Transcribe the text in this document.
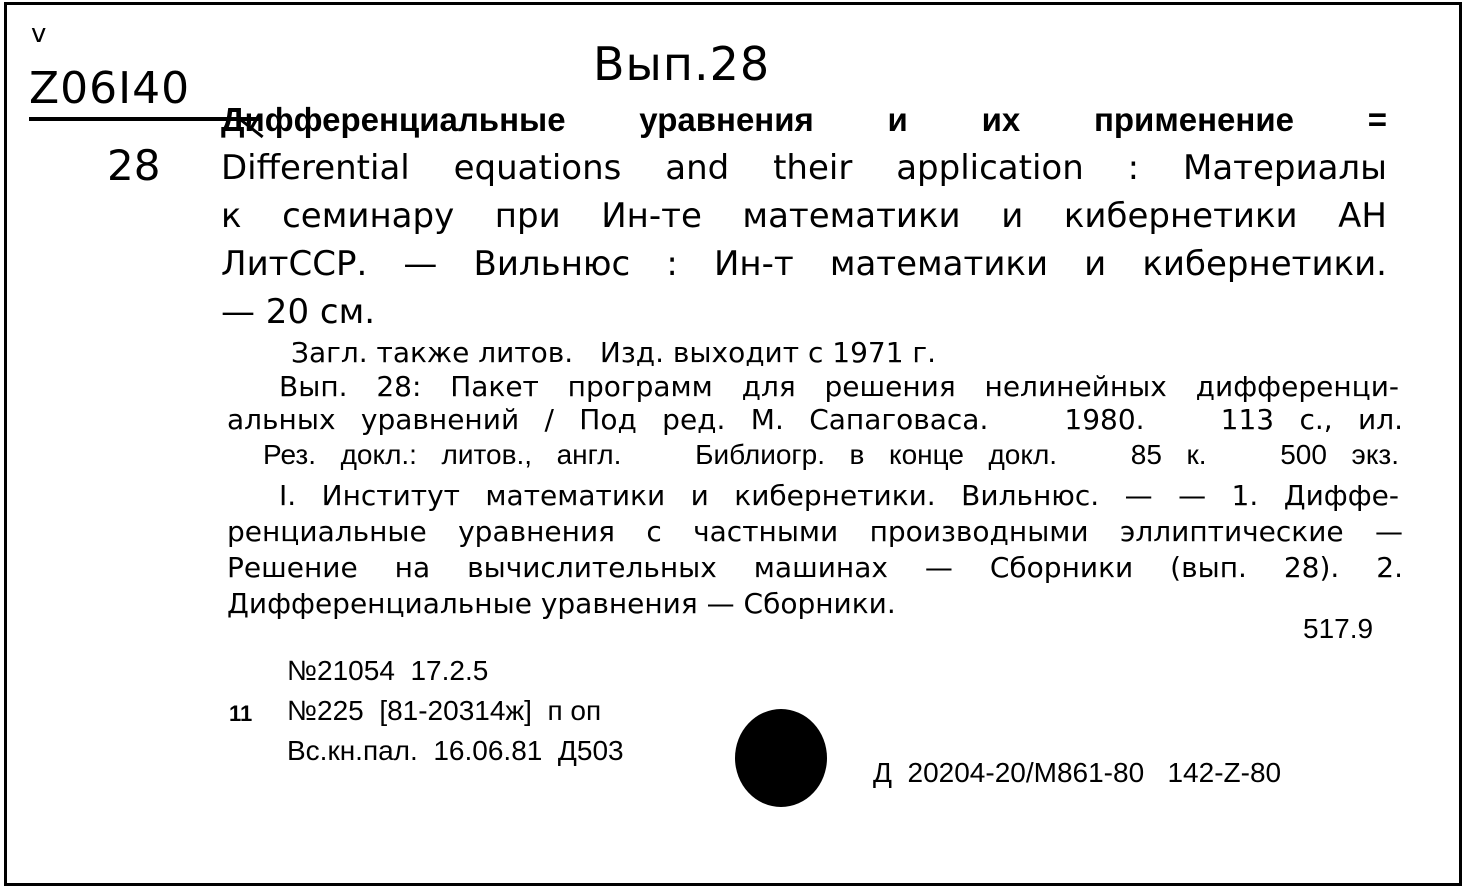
v
Z06I40
28
Вып.28
Дифференциальные уравнения и их применение =
Differential equations and their application : Материалы
к семинару при Ин-те математики и кибернетики АН
ЛитССР. — Вильнюс : Ин-т математики и кибернетики.
— 20 см.
Загл. также литов.   Изд. выходит с 1971 г.
Вып. 28: Пакет программ для решения нелинейных дифференци-
альных уравнений / Под ред. М. Сапаговаса.   1980.   113 с., ил.
Рез. докл.: литов., англ.   Библиогр. в конце докл.   85 к.   500 экз.
I. Институт математики и кибернетики. Вильнюс. — — 1. Диффе-
ренциальные уравнения с частными производными эллиптические —
Решение на вычислительных машинах — Сборники (вып. 28). 2.
Дифференциальные уравнения — Сборники.
517.9
№21054  17.2.5
11 №225  [81-20314ж]  п оп
Вс.кн.пал.  16.06.81  Д503
Д  20204-20/М861-80   142-Z-80
